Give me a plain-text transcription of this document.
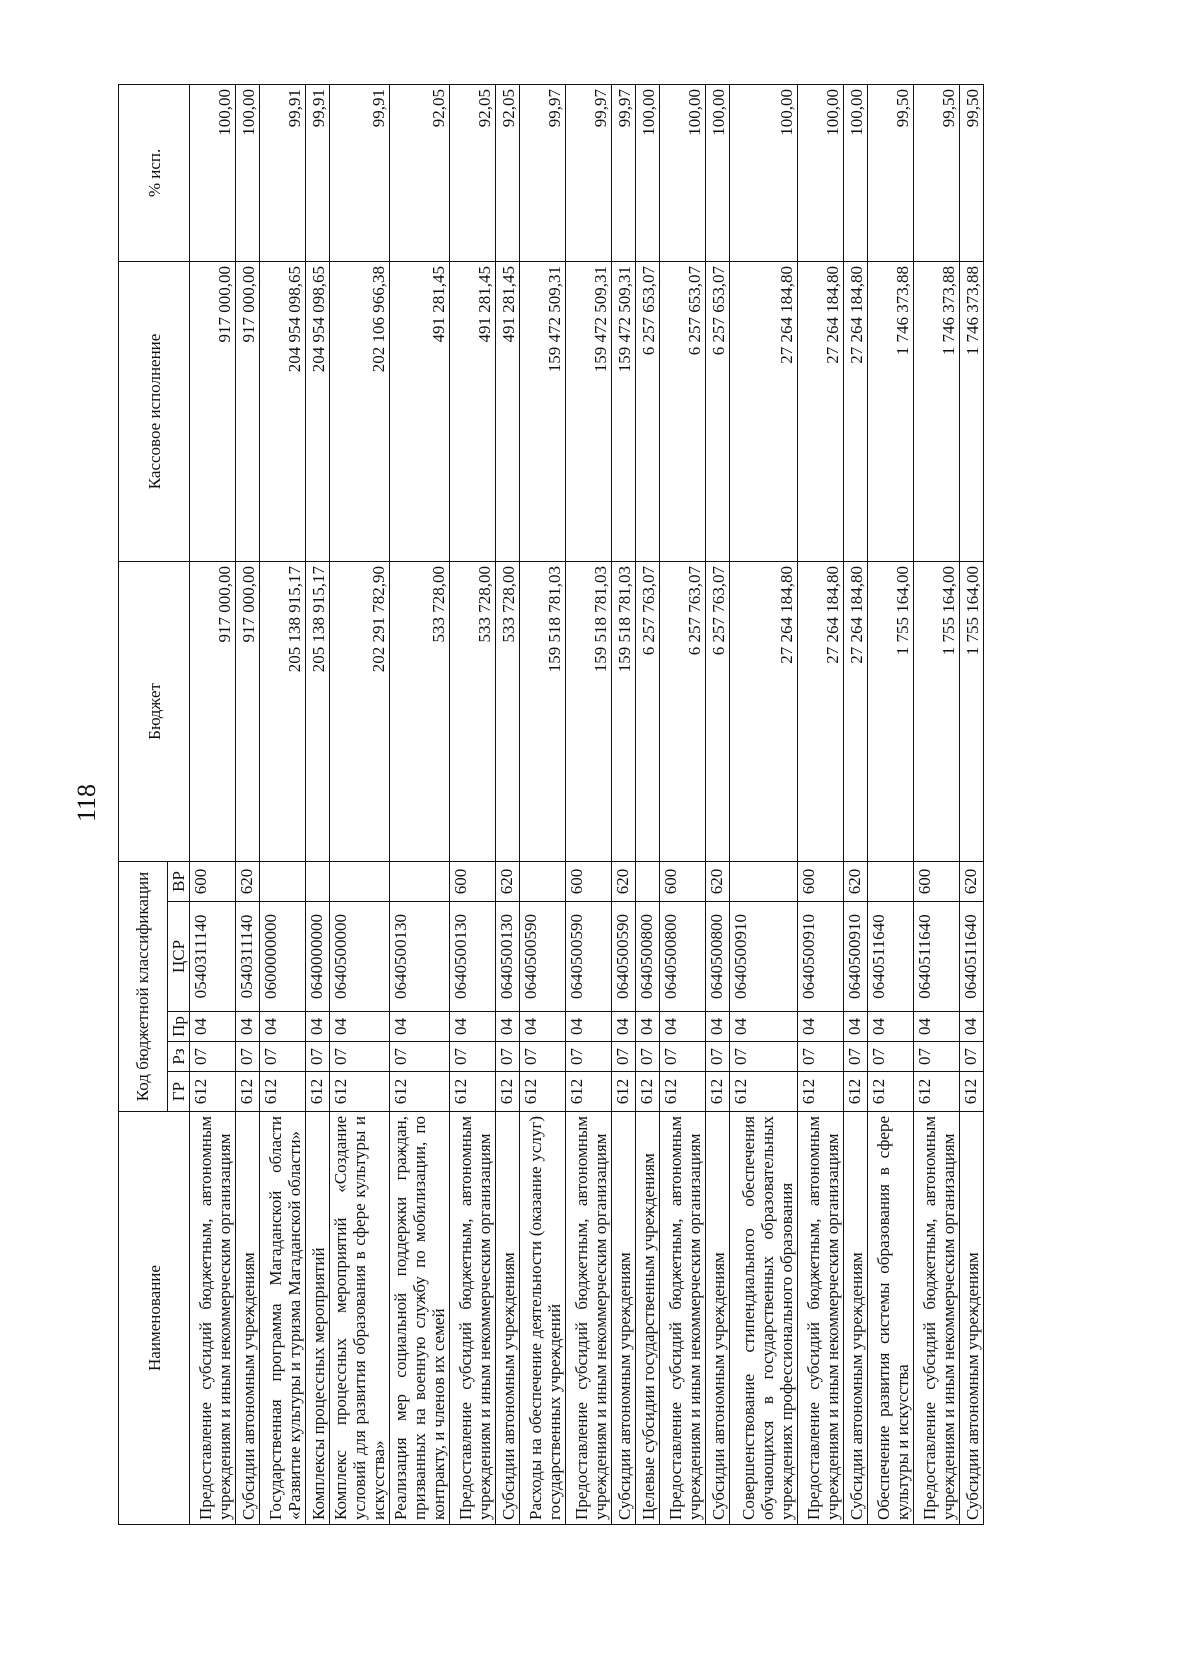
118
Наименование	Код бюджетной классификации					Бюджет	Кассовое исполнение	% исп.
	ГР	Рз	Пр	ЦСР	ВР			
Предоставление субсидий бюджетным, автономным учреждениям и иным некоммерческим организациям	612	07	04	0540311140	600	917 000,00	917 000,00	100,00
Субсидии автономным учреждениям	612	07	04	0540311140	620	917 000,00	917 000,00	100,00
Государственная программа Магаданской области «Развитие культуры и туризма Магаданской области»	612	07	04	0600000000		205 138 915,17	204 954 098,65	99,91
Комплексы процессных мероприятий	612	07	04	0640000000		205 138 915,17	204 954 098,65	99,91
Комплекс процессных мероприятий «Создание условий для развития образования в сфере культуры и искусства»	612	07	04	0640500000		202 291 782,90	202 106 966,38	99,91
Реализация мер социальной поддержки граждан, призванных на военную службу по мобилизации, по контракту, и членов их семей	612	07	04	0640500130		533 728,00	491 281,45	92,05
Предоставление субсидий бюджетным, автономным учреждениям и иным некоммерческим организациям	612	07	04	0640500130	600	533 728,00	491 281,45	92,05
Субсидии автономным учреждениям	612	07	04	0640500130	620	533 728,00	491 281,45	92,05
Расходы на обеспечение деятельности (оказание услуг) государственных учреждений	612	07	04	0640500590		159 518 781,03	159 472 509,31	99,97
Предоставление субсидий бюджетным, автономным учреждениям и иным некоммерческим организациям	612	07	04	0640500590	600	159 518 781,03	159 472 509,31	99,97
Субсидии автономным учреждениям	612	07	04	0640500590	620	159 518 781,03	159 472 509,31	99,97
Целевые субсидии государственным учреждениям	612	07	04	0640500800		6 257 763,07	6 257 653,07	100,00
Предоставление субсидий бюджетным, автономным учреждениям и иным некоммерческим организациям	612	07	04	0640500800	600	6 257 763,07	6 257 653,07	100,00
Субсидии автономным учреждениям	612	07	04	0640500800	620	6 257 763,07	6 257 653,07	100,00
Совершенствование стипендиального обеспечения обучающихся в государственных образовательных учреждениях профессионального образования	612	07	04	0640500910		27 264 184,80	27 264 184,80	100,00
Предоставление субсидий бюджетным, автономным учреждениям и иным некоммерческим организациям	612	07	04	0640500910	600	27 264 184,80	27 264 184,80	100,00
Субсидии автономным учреждениям	612	07	04	0640500910	620	27 264 184,80	27 264 184,80	100,00
Обеспечение развития системы образования в сфере культуры и искусства	612	07	04	0640511640		1 755 164,00	1 746 373,88	99,50
Предоставление субсидий бюджетным, автономным учреждениям и иным некоммерческим организациям	612	07	04	0640511640	600	1 755 164,00	1 746 373,88	99,50
Субсидии автономным учреждениям	612	07	04	0640511640	620	1 755 164,00	1 746 373,88	99,50
